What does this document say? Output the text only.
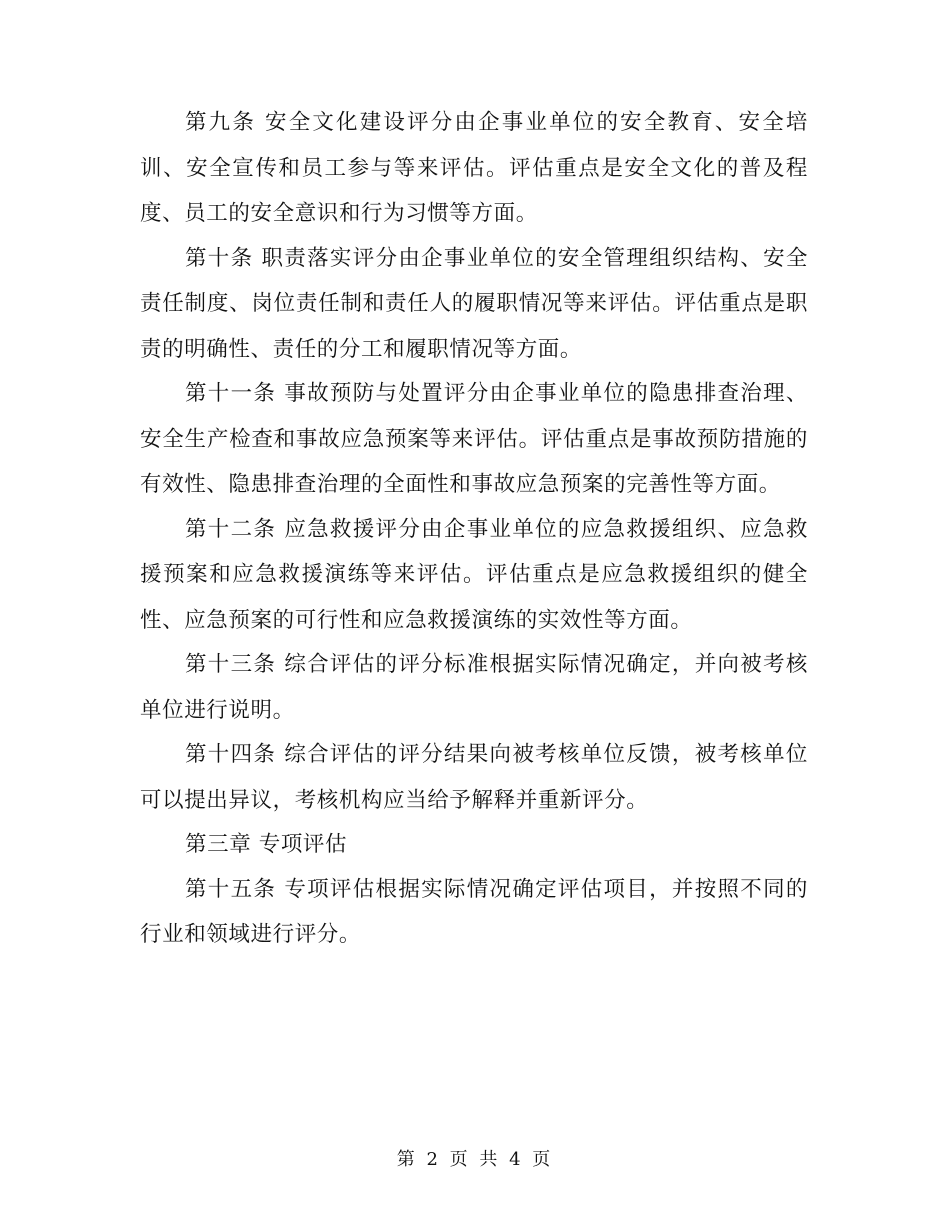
第九条 安全文化建设评分由企事业单位的安全教育、安全培训、安全宣传和员工参与等来评估。评估重点是安全文化的普及程度、员工的安全意识和行为习惯等方面。

第十条 职责落实评分由企事业单位的安全管理组织结构、安全责任制度、岗位责任制和责任人的履职情况等来评估。评估重点是职责的明确性、责任的分工和履职情况等方面。

第十一条 事故预防与处置评分由企事业单位的隐患排查治理、安全生产检查和事故应急预案等来评估。评估重点是事故预防措施的有效性、隐患排查治理的全面性和事故应急预案的完善性等方面。

第十二条 应急救援评分由企事业单位的应急救援组织、应急救援预案和应急救援演练等来评估。评估重点是应急救援组织的健全性、应急预案的可行性和应急救援演练的实效性等方面。

第十三条 综合评估的评分标准根据实际情况确定，并向被考核单位进行说明。

第十四条 综合评估的评分结果向被考核单位反馈，被考核单位可以提出异议，考核机构应当给予解释并重新评分。

第三章 专项评估

第十五条 专项评估根据实际情况确定评估项目，并按照不同的行业和领域进行评分。

第 2 页 共 4 页
